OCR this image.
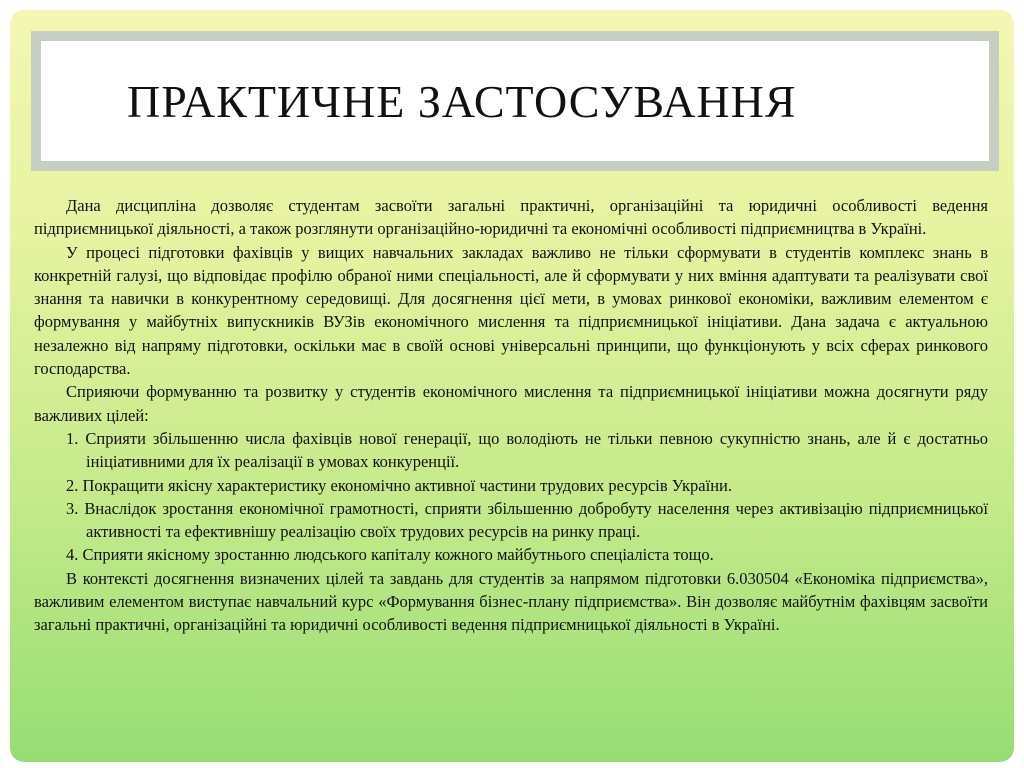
ПРАКТИЧНЕ ЗАСТОСУВАННЯ

Дана дисципліна дозволяє студентам засвоїти загальні практичні, організаційні та юридичні особливості ведення підприємницької діяльності, а також розглянути організаційно-юридичні та економічні особливості підприємництва в Україні.

У процесі підготовки фахівців у вищих навчальних закладах важливо не тільки сформувати в студентів комплекс знань в конкретній галузі, що відповідає профілю обраної ними спеціальності, але й сформувати у них вміння адаптувати та реалізувати свої знання та навички в конкурентному середовищі. Для досягнення цієї мети, в умовах ринкової економіки, важливим елементом є формування у майбутніх випускників ВУЗів економічного мислення та підприємницької ініціативи. Дана задача є актуальною незалежно від напряму підготовки, оскільки має в своїй основі універсальні принципи, що функціонують у всіх сферах ринкового господарства.

Сприяючи формуванню та розвитку у студентів економічного мислення та підприємницької ініціативи можна досягнути ряду важливих цілей:

1. Сприяти збільшенню числа фахівців нової генерації, що володіють не тільки певною сукупністю знань, але й є достатньо ініціативними для їх реалізації в умовах конкуренції.

2. Покращити якісну характеристику економічно активної частини трудових ресурсів України.

3. Внаслідок зростання економічної грамотності, сприяти збільшенню добробуту населення через активізацію підприємницької активності та ефективнішу реалізацію своїх трудових ресурсів на ринку праці.

4. Сприяти якісному зростанню людського капіталу кожного майбутнього спеціаліста тощо.

В контексті досягнення визначених цілей та завдань для студентів за напрямом підготовки 6.030504 «Економіка підприємства», важливим елементом виступає навчальний курс «Формування бізнес-плану підприємства». Він дозволяє майбутнім фахівцям засвоїти загальні практичні, організаційні та юридичні особливості ведення підприємницької діяльності в Україні.
